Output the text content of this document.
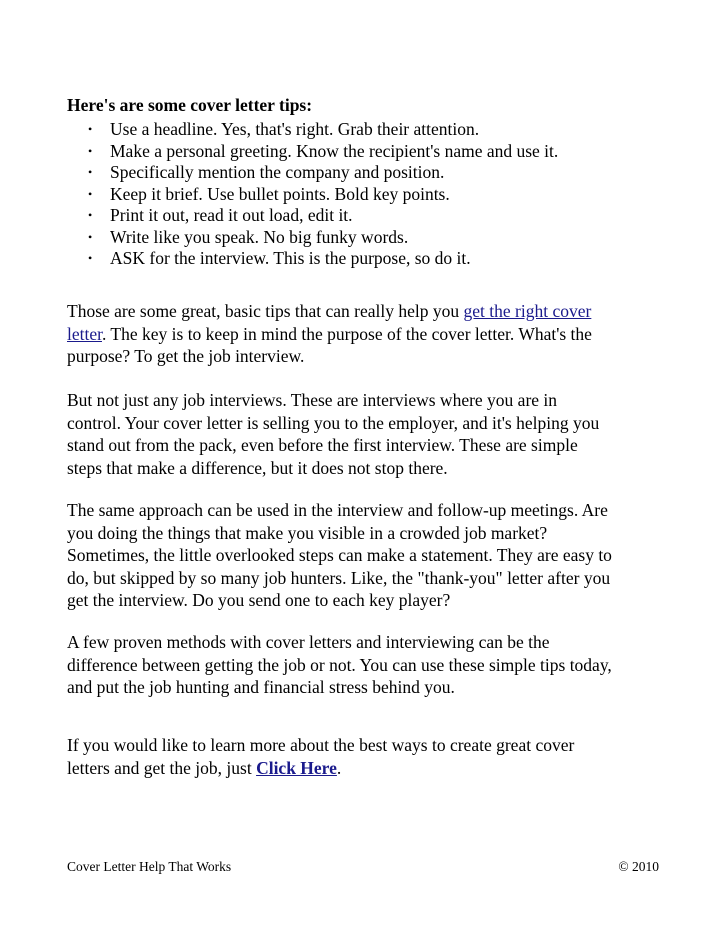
Here's are some cover letter tips:

• Use a headline. Yes, that's right. Grab their attention.
• Make a personal greeting. Know the recipient's name and use it.
• Specifically mention the company and position.
• Keep it brief. Use bullet points. Bold key points.
• Print it out, read it out load, edit it.
• Write like you speak. No big funky words.
• ASK for the interview. This is the purpose, so do it.
Those are some great, basic tips that can really help you get the right cover
letter. The key is to keep in mind the purpose of the cover letter. What's the
purpose? To get the job interview.
But not just any job interviews. These are interviews where you are in
control. Your cover letter is selling you to the employer, and it's helping you
stand out from the pack, even before the first interview. These are simple
steps that make a difference, but it does not stop there.
The same approach can be used in the interview and follow-up meetings. Are
you doing the things that make you visible in a crowded job market?
Sometimes, the little overlooked steps can make a statement. They are easy to
do, but skipped by so many job hunters. Like, the "thank-you" letter after you
get the interview. Do you send one to each key player?
A few proven methods with cover letters and interviewing can be the
difference between getting the job or not. You can use these simple tips today,
and put the job hunting and financial stress behind you.
If you would like to learn more about the best ways to create great cover
letters and get the job, just Click Here.
Cover Letter Help That Works	© 2010
